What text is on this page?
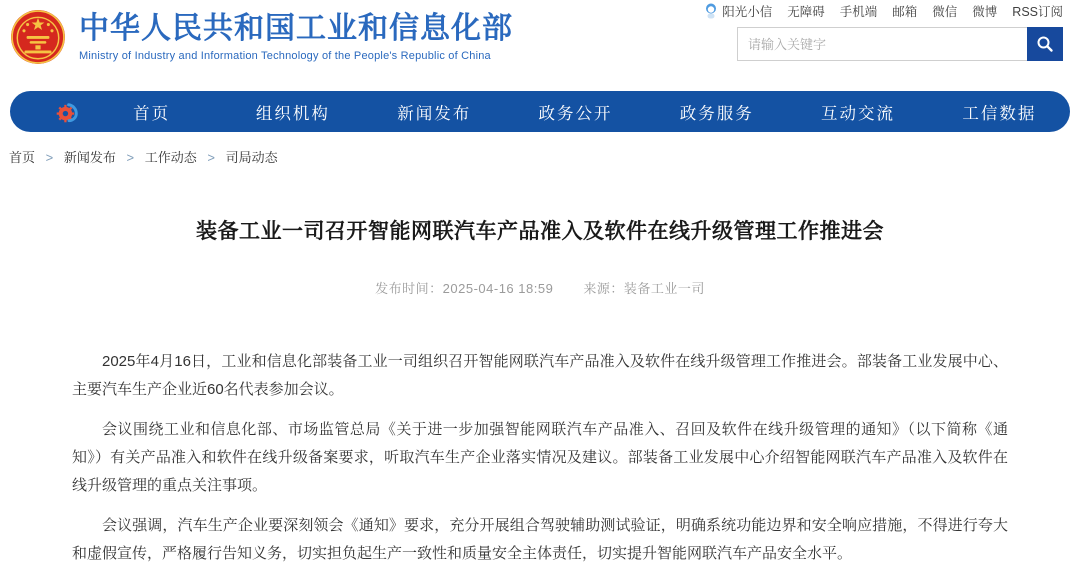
中华人民共和国工业和信息化部
Ministry of Industry and Information Technology of the People's Republic of China
阳光小信 无障碍 手机端 邮箱 微信 微博 RSS订阅
请输入关键字
首页	组织机构	新闻发布	政务公开	政务服务	互动交流	工信数据
首页 > 新闻发布 > 工作动态 > 司局动态
装备工业一司召开智能网联汽车产品准入及软件在线升级管理工作推进会
发布时间：2025-04-16 18:59 来源：装备工业一司

2025年4月16日，工业和信息化部装备工业一司组织召开智能网联汽车产品准入及软件在线升级管理工作推进会。部装备工业发展中心、主要汽车生产企业近60名代表参加会议。

会议围绕工业和信息化部、市场监管总局《关于进一步加强智能网联汽车产品准入、召回及软件在线升级管理的通知》（以下简称《通知》）有关产品准入和软件在线升级备案要求，听取汽车生产企业落实情况及建议。部装备工业发展中心介绍智能网联汽车产品准入及软件在线升级管理的重点关注事项。

会议强调，汽车生产企业要深刻领会《通知》要求，充分开展组合驾驶辅助测试验证，明确系统功能边界和安全响应措施，不得进行夸大和虚假宣传，严格履行告知义务，切实担负起生产一致性和质量安全主体责任，切实提升智能网联汽车产品安全水平。
